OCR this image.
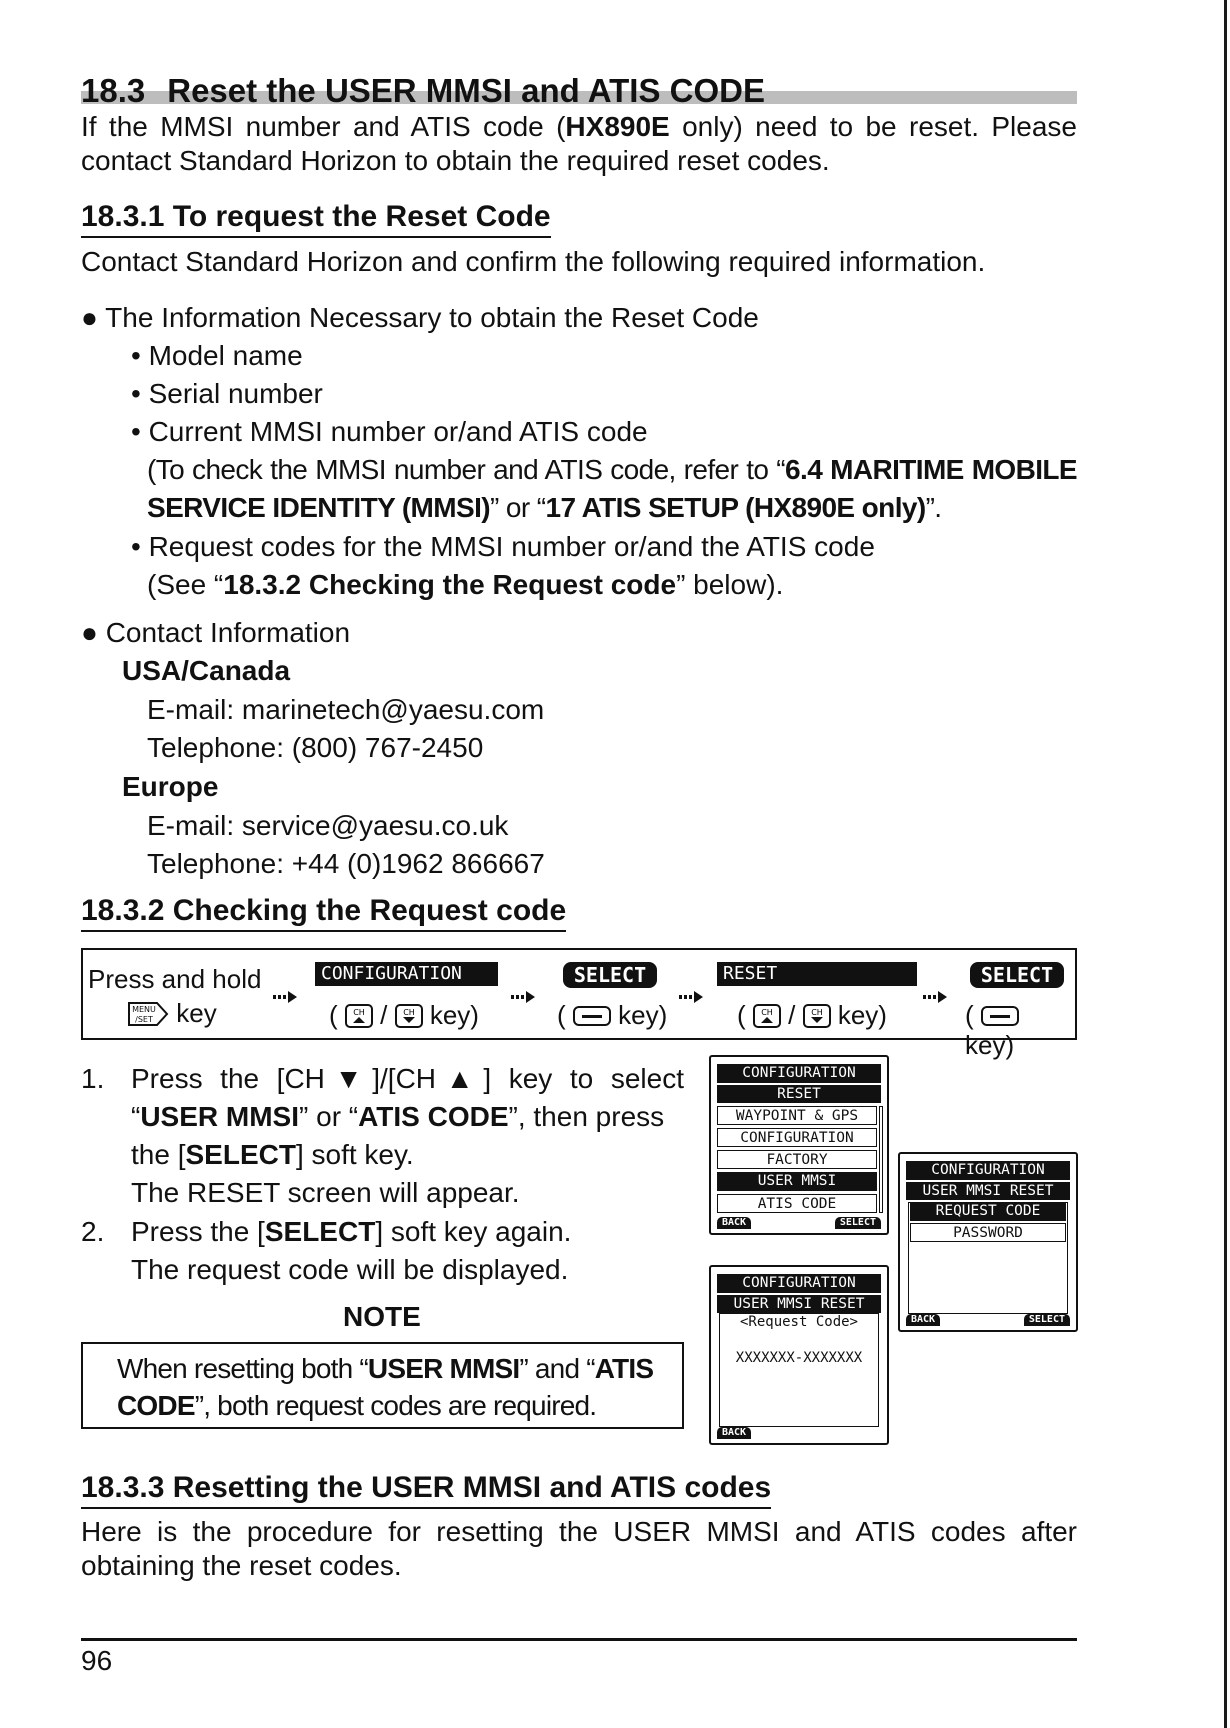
18.3 Reset the USER MMSI and ATIS CODE
If the MMSI number and ATIS code (HX890E only) need to be reset. Please
contact Standard Horizon to obtain the required reset codes.
18.3.1 To request the Reset Code
Contact Standard Horizon and confirm the following required information.
● The Information Necessary to obtain the Reset Code
• Model name
• Serial number
• Current MMSI number or/and ATIS code
(To check the MMSI number and ATIS code, refer to “6.4 MARITIME MOBILE
SERVICE IDENTITY (MMSI)” or “17 ATIS SETUP (HX890E only)”.
• Request codes for the MMSI number or/and the ATIS code
(See “18.3.2 Checking the Request code” below).
● Contact Information
USA/Canada
E-mail: marinetech@yaesu.com
Telephone: (800) 767-2450
Europe
E-mail: service@yaesu.co.uk
Telephone: +44 (0)1962 866667
18.3.2 Checking the Request code
Press and hold
MENU
/SET key
CONFIGURATION
( CH / CH key)
SELECT
( key)
RESET
( CH / CH key)
SELECT
(  key)
1. Press the [CH▼]/[CH▲] key to select
“USER MMSI” or “ATIS CODE”, then press
the [SELECT] soft key.
The RESET screen will appear.
2. Press the [SELECT] soft key again.
The request code will be displayed.
NOTE
When resetting both “USER MMSI” and “ATIS
CODE”, both request codes are required.
CONFIGURATION
RESET
WAYPOINT & GPS
CONFIGURATION
FACTORY
USER MMSI
ATIS CODE
BACK	SELECT
CONFIGURATION
USER MMSI RESET
REQUEST CODE
PASSWORD
BACK	SELECT
CONFIGURATION
USER MMSI RESET
<Request Code>
XXXXXXX-XXXXXXX
BACK
18.3.3 Resetting the USER MMSI and ATIS codes
Here is the procedure for resetting the USER MMSI and ATIS codes after
obtaining the reset codes.
96
